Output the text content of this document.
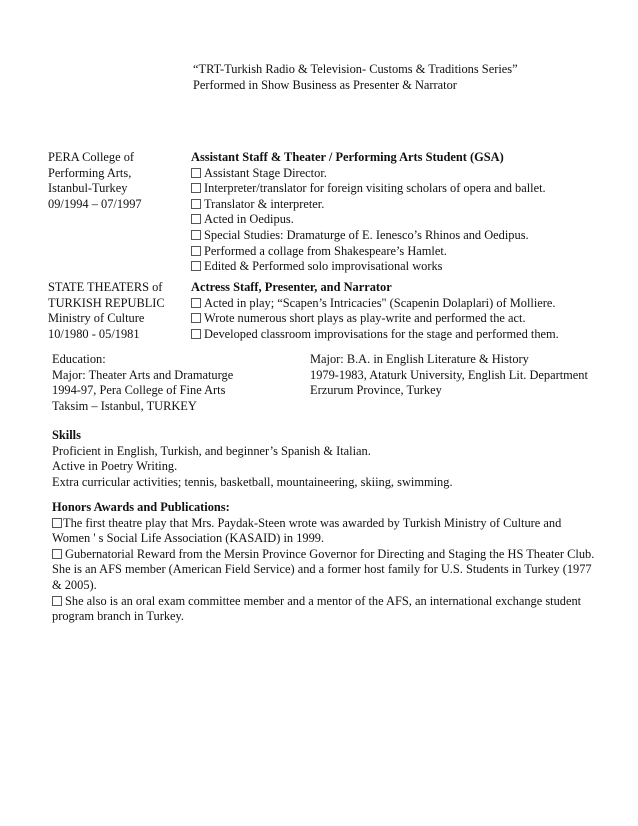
“TRT-Turkish Radio & Television- Customs & Traditions Series”
Performed in Show Business as Presenter & Narrator
PERA College of
Performing Arts,
Istanbul-Turkey
09/1994 – 07/1997
Assistant Staff & Theater / Performing Arts Student (GSA)
Assistant Stage Director.
Interpreter/translator for foreign visiting scholars of opera and ballet.
Translator & interpreter.
Acted in Oedipus.
Special Studies: Dramaturge of E. Ienesco’s Rhinos and Oedipus.
Performed a collage from Shakespeare’s Hamlet.
Edited & Performed solo improvisational works
STATE THEATERS of
TURKISH REPUBLIC
Ministry of Culture
10/1980 - 05/1981
Actress Staff, Presenter, and Narrator
Acted in play; “Scapen’s Intricacies" (Scapenin Dolaplari) of Molliere.
Wrote numerous short plays as play-write and performed the act.
Developed classroom improvisations for the stage and performed them.
Education:
Major: Theater Arts and Dramaturge
1994-97, Pera College of Fine Arts
Taksim – Istanbul, TURKEY
Major: B.A. in English Literature & History
1979-1983, Ataturk University, English Lit. Department
Erzurum Province, Turkey
Skills
Proficient in English, Turkish, and beginner’s Spanish & Italian.
Active in Poetry Writing.
Extra curricular activities; tennis, basketball, mountaineering, skiing, swimming.
Honors Awards and Publications:
The first theatre play that Mrs. Paydak-Steen wrote was awarded by Turkish Ministry of Culture and
Women ' s Social Life Association (KASAID) in 1999.
Gubernatorial Reward from the Mersin Province Governor for Directing and Staging the HS Theater Club.
She is an AFS member (American Field Service) and a former host family for U.S. Students in Turkey (1977
& 2005).
She also is an oral exam committee member and a mentor of the AFS, an international exchange student
program branch in Turkey.
